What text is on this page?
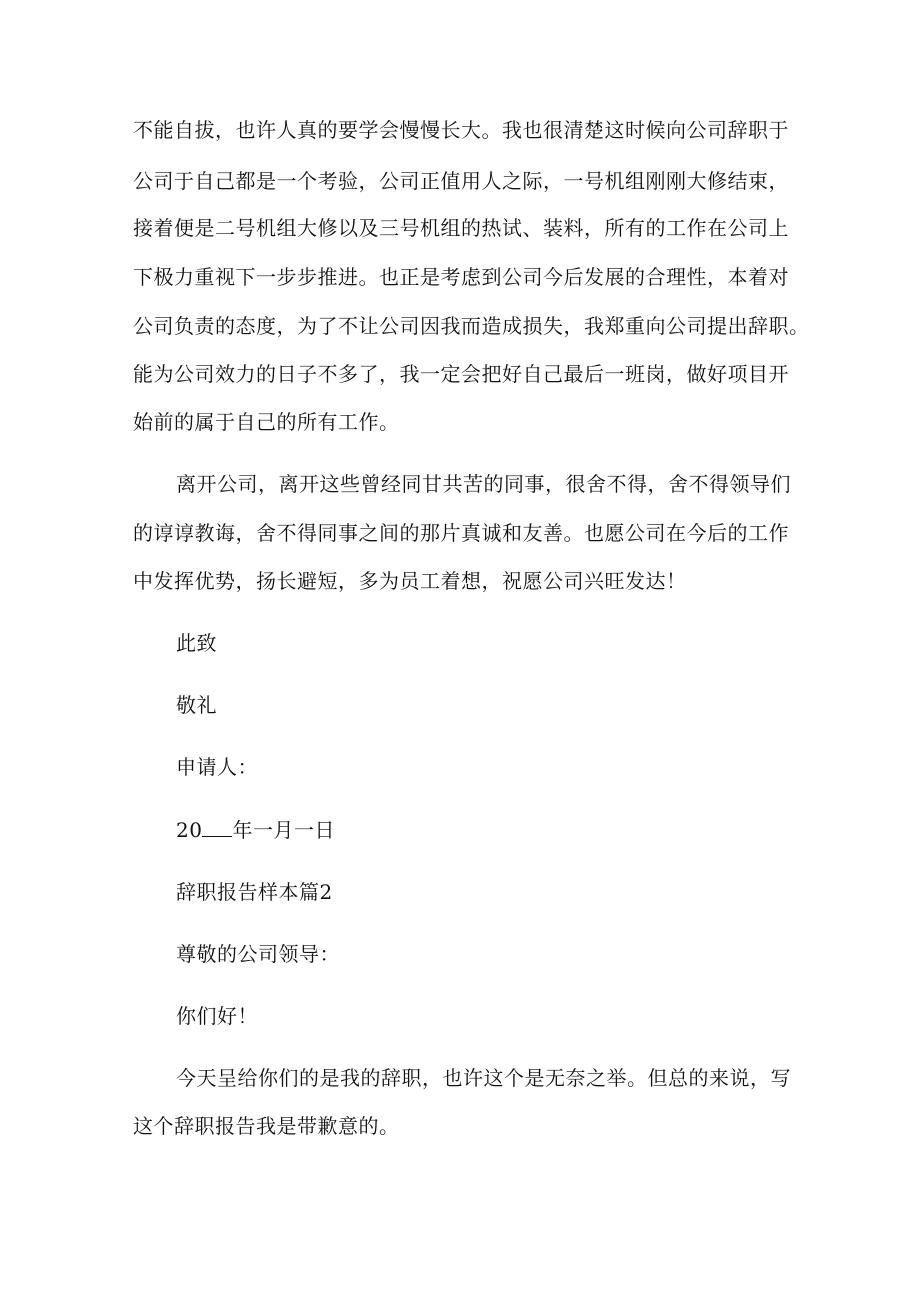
不能自拔，也许人真的要学会慢慢长大。我也很清楚这时候向公司辞职于
公司于自己都是一个考验，公司正值用人之际，一号机组刚刚大修结束，
接着便是二号机组大修以及三号机组的热试、装料，所有的工作在公司上
下极力重视下一步步推进。也正是考虑到公司今后发展的合理性，本着对
公司负责的态度，为了不让公司因我而造成损失，我郑重向公司提出辞职。
能为公司效力的日子不多了，我一定会把好自己最后一班岗，做好项目开
始前的属于自己的所有工作。
离开公司，离开这些曾经同甘共苦的同事，很舍不得，舍不得领导们
的谆谆教诲，舍不得同事之间的那片真诚和友善。也愿公司在今后的工作
中发挥优势，扬长避短，多为员工着想，祝愿公司兴旺发达！
此致
敬礼
申请人：
20 年一月一日
辞职报告样本篇2
尊敬的公司领导：
你们好！
今天呈给你们的是我的辞职，也许这个是无奈之举。但总的来说，写
这个辞职报告我是带歉意的。
